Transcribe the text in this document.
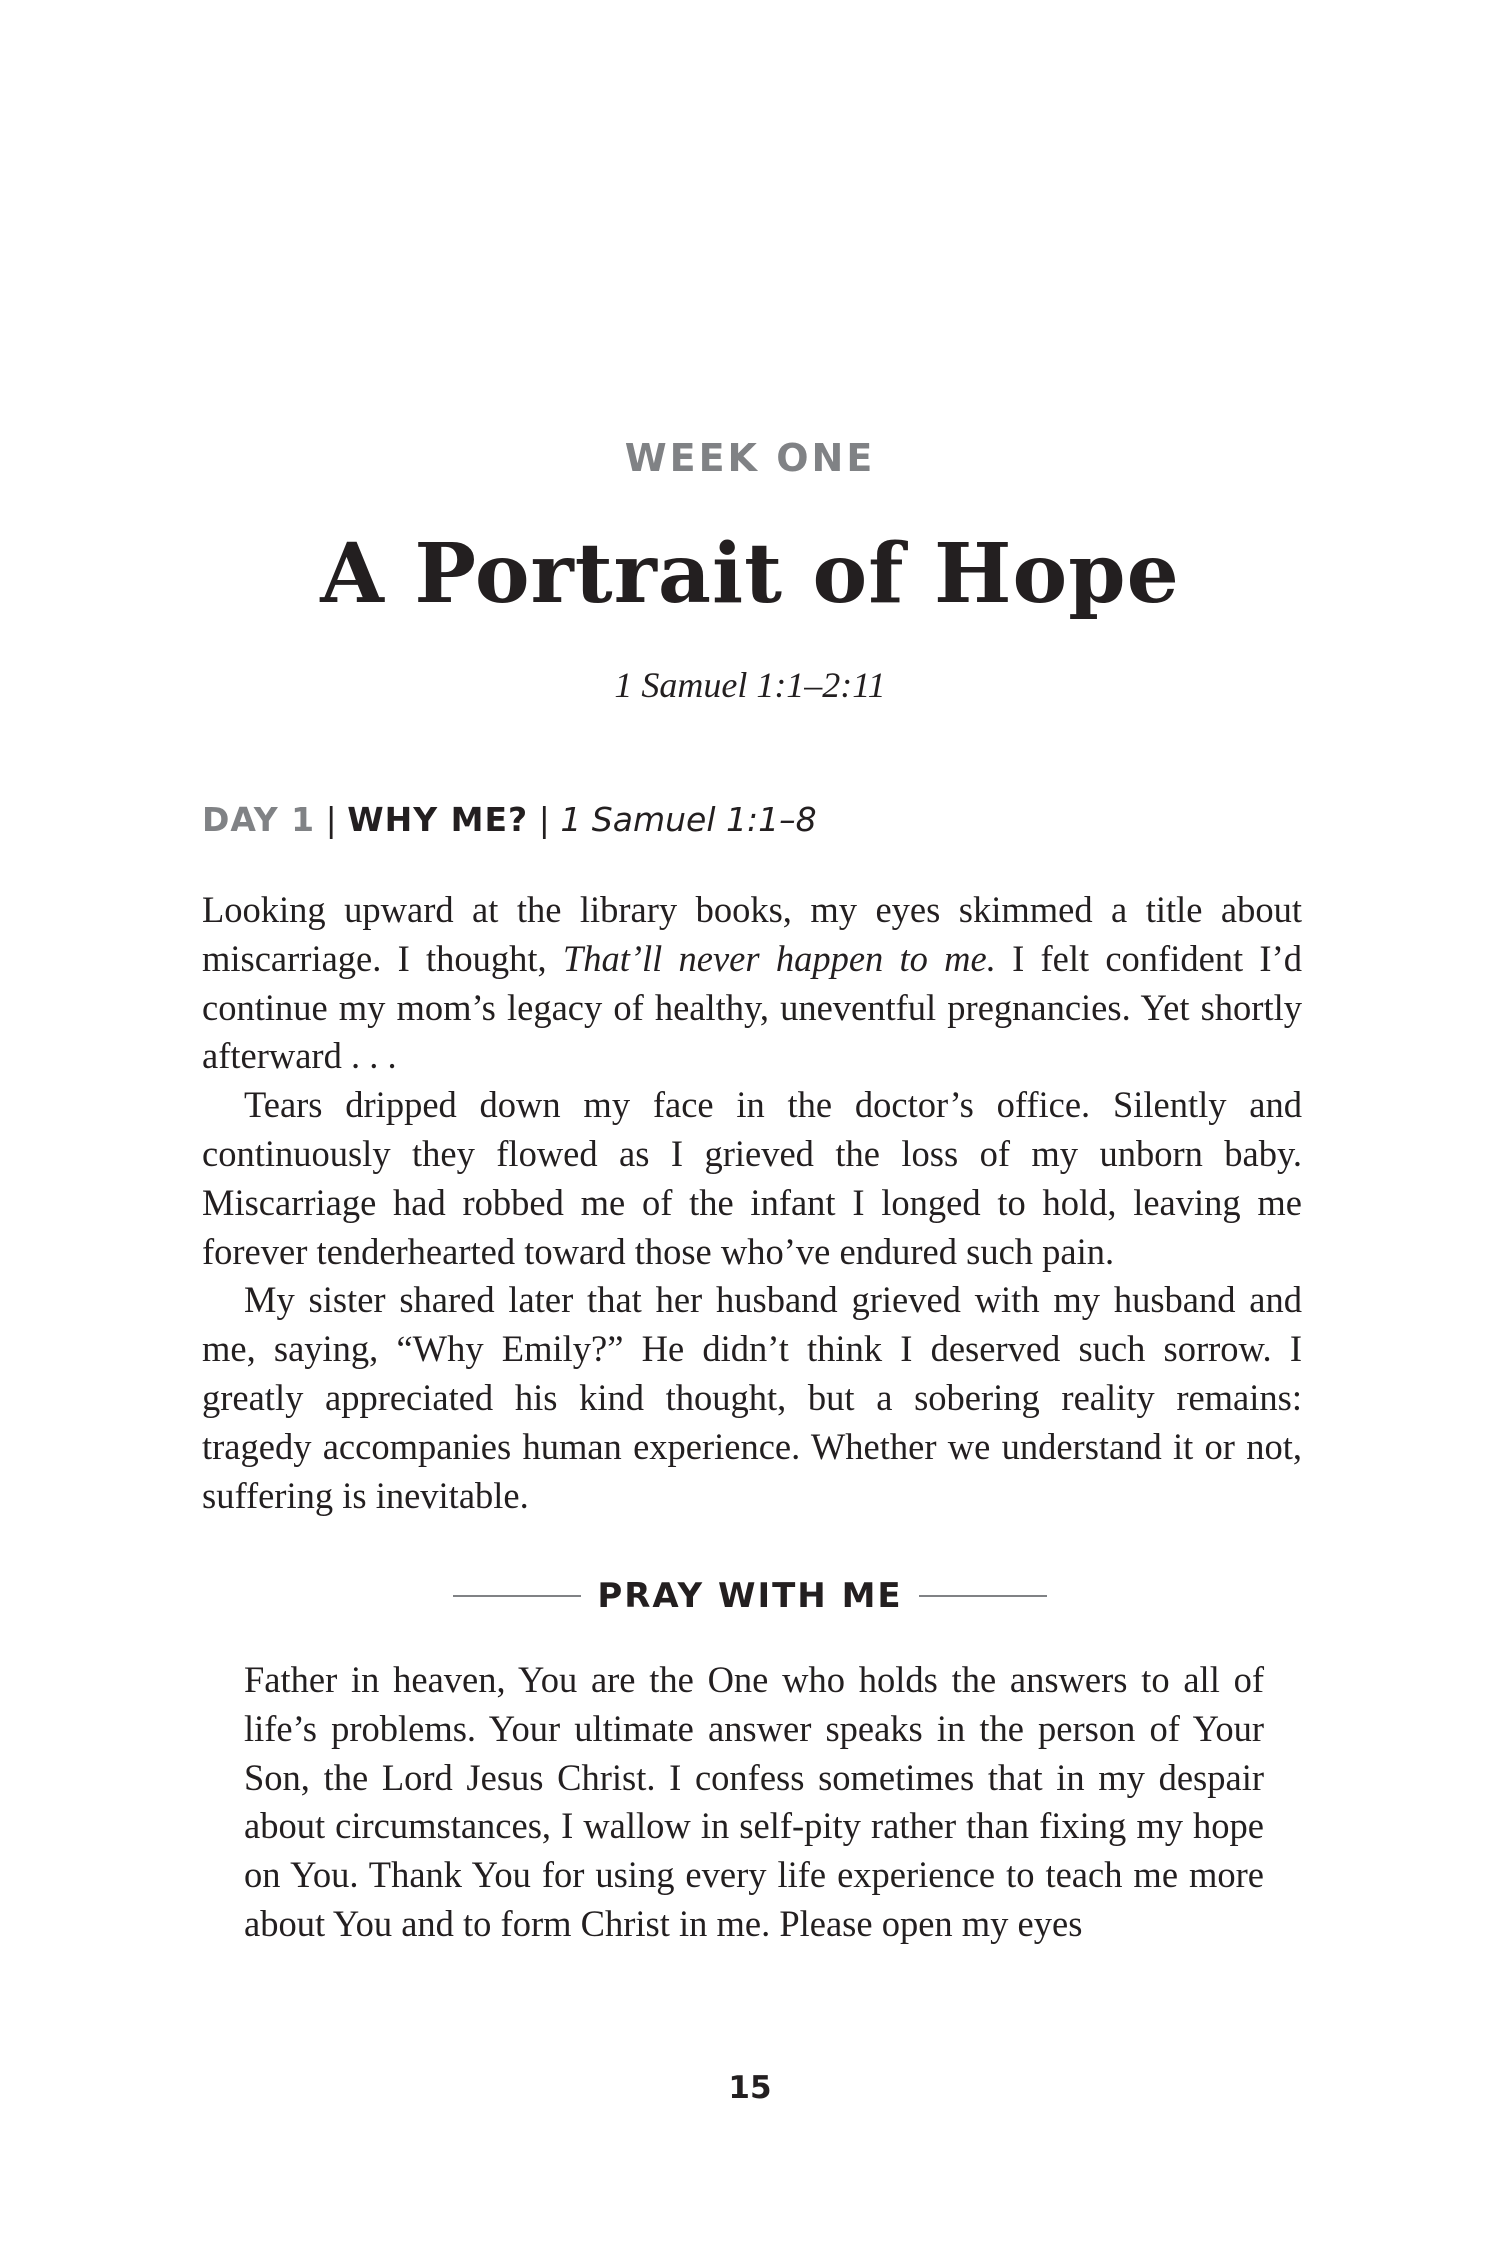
WEEK ONE
A Portrait of Hope
1 Samuel 1:1–2:11
DAY 1 | WHY ME? | 1 Samuel 1:1–8

Looking upward at the library books, my eyes skimmed a title about miscarriage. I thought, That’ll never happen to me. I felt confident I’d continue my mom’s legacy of healthy, uneventful pregnancies. Yet shortly afterward . . .

Tears dripped down my face in the doctor’s office. Silently and continuously they flowed as I grieved the loss of my unborn baby. Miscarriage had robbed me of the infant I longed to hold, leaving me forever tenderhearted toward those who’ve endured such pain.

My sister shared later that her husband grieved with my husband and me, saying, “Why Emily?” He didn’t think I deserved such sorrow. I greatly appreciated his kind thought, but a sobering reality remains: tragedy accompanies human experience. Whether we understand it or not, suffering is inevitable.

PRAY WITH ME

Father in heaven, You are the One who holds the answers to all of life’s problems. Your ultimate answer speaks in the person of Your Son, the Lord Jesus Christ. I confess sometimes that in my despair about circumstances, I wallow in self-pity rather than fixing my hope on You. Thank You for using every life experience to teach me more about You and to form Christ in me. Please open my eyes

15
